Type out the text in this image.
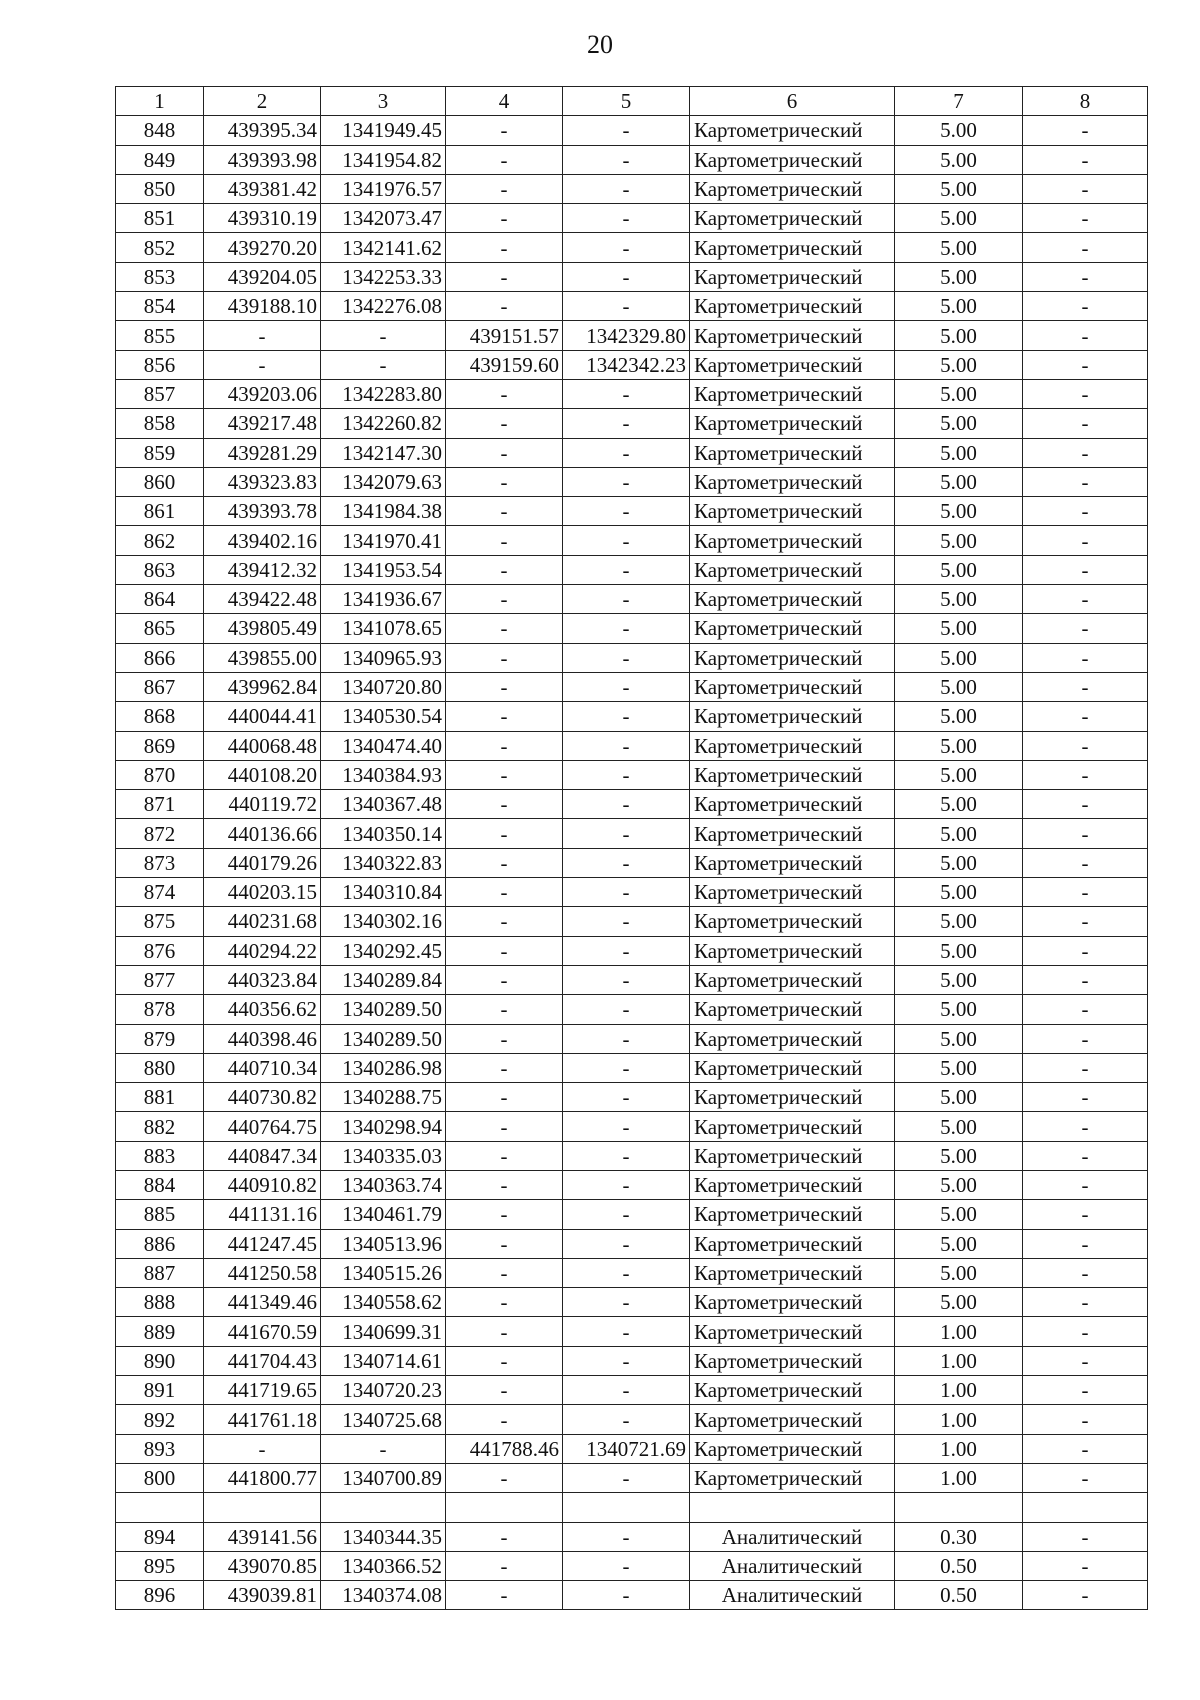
20
1	2	3	4	5	6	7	8
848	439395.34	1341949.45	-	-	Картометрический	5.00	-
849	439393.98	1341954.82	-	-	Картометрический	5.00	-
850	439381.42	1341976.57	-	-	Картометрический	5.00	-
851	439310.19	1342073.47	-	-	Картометрический	5.00	-
852	439270.20	1342141.62	-	-	Картометрический	5.00	-
853	439204.05	1342253.33	-	-	Картометрический	5.00	-
854	439188.10	1342276.08	-	-	Картометрический	5.00	-
855	-	-	439151.57	1342329.80	Картометрический	5.00	-
856	-	-	439159.60	1342342.23	Картометрический	5.00	-
857	439203.06	1342283.80	-	-	Картометрический	5.00	-
858	439217.48	1342260.82	-	-	Картометрический	5.00	-
859	439281.29	1342147.30	-	-	Картометрический	5.00	-
860	439323.83	1342079.63	-	-	Картометрический	5.00	-
861	439393.78	1341984.38	-	-	Картометрический	5.00	-
862	439402.16	1341970.41	-	-	Картометрический	5.00	-
863	439412.32	1341953.54	-	-	Картометрический	5.00	-
864	439422.48	1341936.67	-	-	Картометрический	5.00	-
865	439805.49	1341078.65	-	-	Картометрический	5.00	-
866	439855.00	1340965.93	-	-	Картометрический	5.00	-
867	439962.84	1340720.80	-	-	Картометрический	5.00	-
868	440044.41	1340530.54	-	-	Картометрический	5.00	-
869	440068.48	1340474.40	-	-	Картометрический	5.00	-
870	440108.20	1340384.93	-	-	Картометрический	5.00	-
871	440119.72	1340367.48	-	-	Картометрический	5.00	-
872	440136.66	1340350.14	-	-	Картометрический	5.00	-
873	440179.26	1340322.83	-	-	Картометрический	5.00	-
874	440203.15	1340310.84	-	-	Картометрический	5.00	-
875	440231.68	1340302.16	-	-	Картометрический	5.00	-
876	440294.22	1340292.45	-	-	Картометрический	5.00	-
877	440323.84	1340289.84	-	-	Картометрический	5.00	-
878	440356.62	1340289.50	-	-	Картометрический	5.00	-
879	440398.46	1340289.50	-	-	Картометрический	5.00	-
880	440710.34	1340286.98	-	-	Картометрический	5.00	-
881	440730.82	1340288.75	-	-	Картометрический	5.00	-
882	440764.75	1340298.94	-	-	Картометрический	5.00	-
883	440847.34	1340335.03	-	-	Картометрический	5.00	-
884	440910.82	1340363.74	-	-	Картометрический	5.00	-
885	441131.16	1340461.79	-	-	Картометрический	5.00	-
886	441247.45	1340513.96	-	-	Картометрический	5.00	-
887	441250.58	1340515.26	-	-	Картометрический	5.00	-
888	441349.46	1340558.62	-	-	Картометрический	5.00	-
889	441670.59	1340699.31	-	-	Картометрический	1.00	-
890	441704.43	1340714.61	-	-	Картометрический	1.00	-
891	441719.65	1340720.23	-	-	Картометрический	1.00	-
892	441761.18	1340725.68	-	-	Картометрический	1.00	-
893	-	-	441788.46	1340721.69	Картометрический	1.00	-
800	441800.77	1340700.89	-	-	Картометрический	1.00	-

894	439141.56	1340344.35	-	-	Аналитический	0.30	-
895	439070.85	1340366.52	-	-	Аналитический	0.50	-
896	439039.81	1340374.08	-	-	Аналитический	0.50	-
